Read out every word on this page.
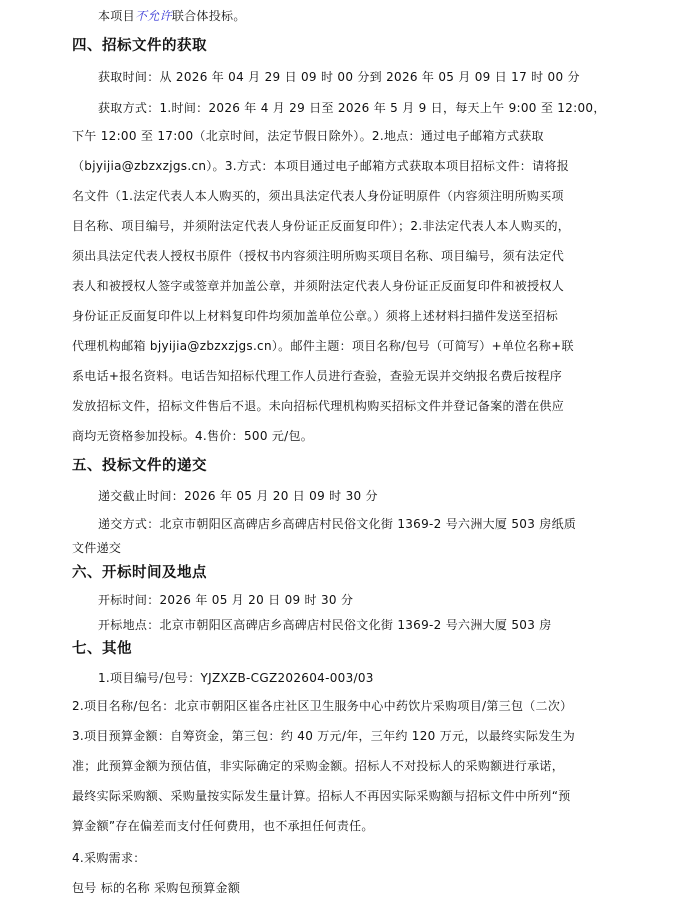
本项目不允许联合体投标。
四、招标文件的获取
获取时间：从 2026 年 04 月 29 日 09 时 00 分到 2026 年 05 月 09 日 17 时 00 分
获取方式：1.时间：2026 年 4 月 29 日至 2026 年 5 月 9 日，每天上午 9:00 至 12:00，
下午 12:00 至 17:00（北京时间，法定节假日除外）。2.地点：通过电子邮箱方式获取
（bjyijia@zbzxzjgs.cn）。3.方式：本项目通过电子邮箱方式获取本项目招标文件：请将报
名文件（1.法定代表人本人购买的，须出具法定代表人身份证明原件（内容须注明所购买项
目名称、项目编号，并须附法定代表人身份证正反面复印件）；2.非法定代表人本人购买的，
须出具法定代表人授权书原件（授权书内容须注明所购买项目名称、项目编号，须有法定代
表人和被授权人签字或签章并加盖公章，并须附法定代表人身份证正反面复印件和被授权人
身份证正反面复印件以上材料复印件均须加盖单位公章。）须将上述材料扫描件发送至招标
代理机构邮箱 bjyijia@zbzxzjgs.cn）。邮件主题：项目名称/包号（可简写）+单位名称+联
系电话+报名资料。电话告知招标代理工作人员进行查验，查验无误并交纳报名费后按程序
发放招标文件，招标文件售后不退。未向招标代理机构购买招标文件并登记备案的潜在供应
商均无资格参加投标。4.售价：500 元/包。
五、投标文件的递交
递交截止时间：2026 年 05 月 20 日 09 时 30 分
递交方式：北京市朝阳区高碑店乡高碑店村民俗文化街 1369-2 号六洲大厦 503 房纸质
文件递交
六、开标时间及地点
开标时间：2026 年 05 月 20 日 09 时 30 分
开标地点：北京市朝阳区高碑店乡高碑店村民俗文化街 1369-2 号六洲大厦 503 房
七、其他
1.项目编号/包号：YJZXZB-CGZ202604-003/03
2.项目名称/包名：北京市朝阳区崔各庄社区卫生服务中心中药饮片采购项目/第三包（二次）
3.项目预算金额：自筹资金，第三包：约 40 万元/年，三年约 120 万元，以最终实际发生为
准；此预算金额为预估值，非实际确定的采购金额。招标人不对投标人的采购额进行承诺，
最终实际采购额、采购量按实际发生量计算。招标人不再因实际采购额与招标文件中所列“预
算金额”存在偏差而支付任何费用，也不承担任何责任。
4.采购需求：
包号 标的名称 采购包预算金额
